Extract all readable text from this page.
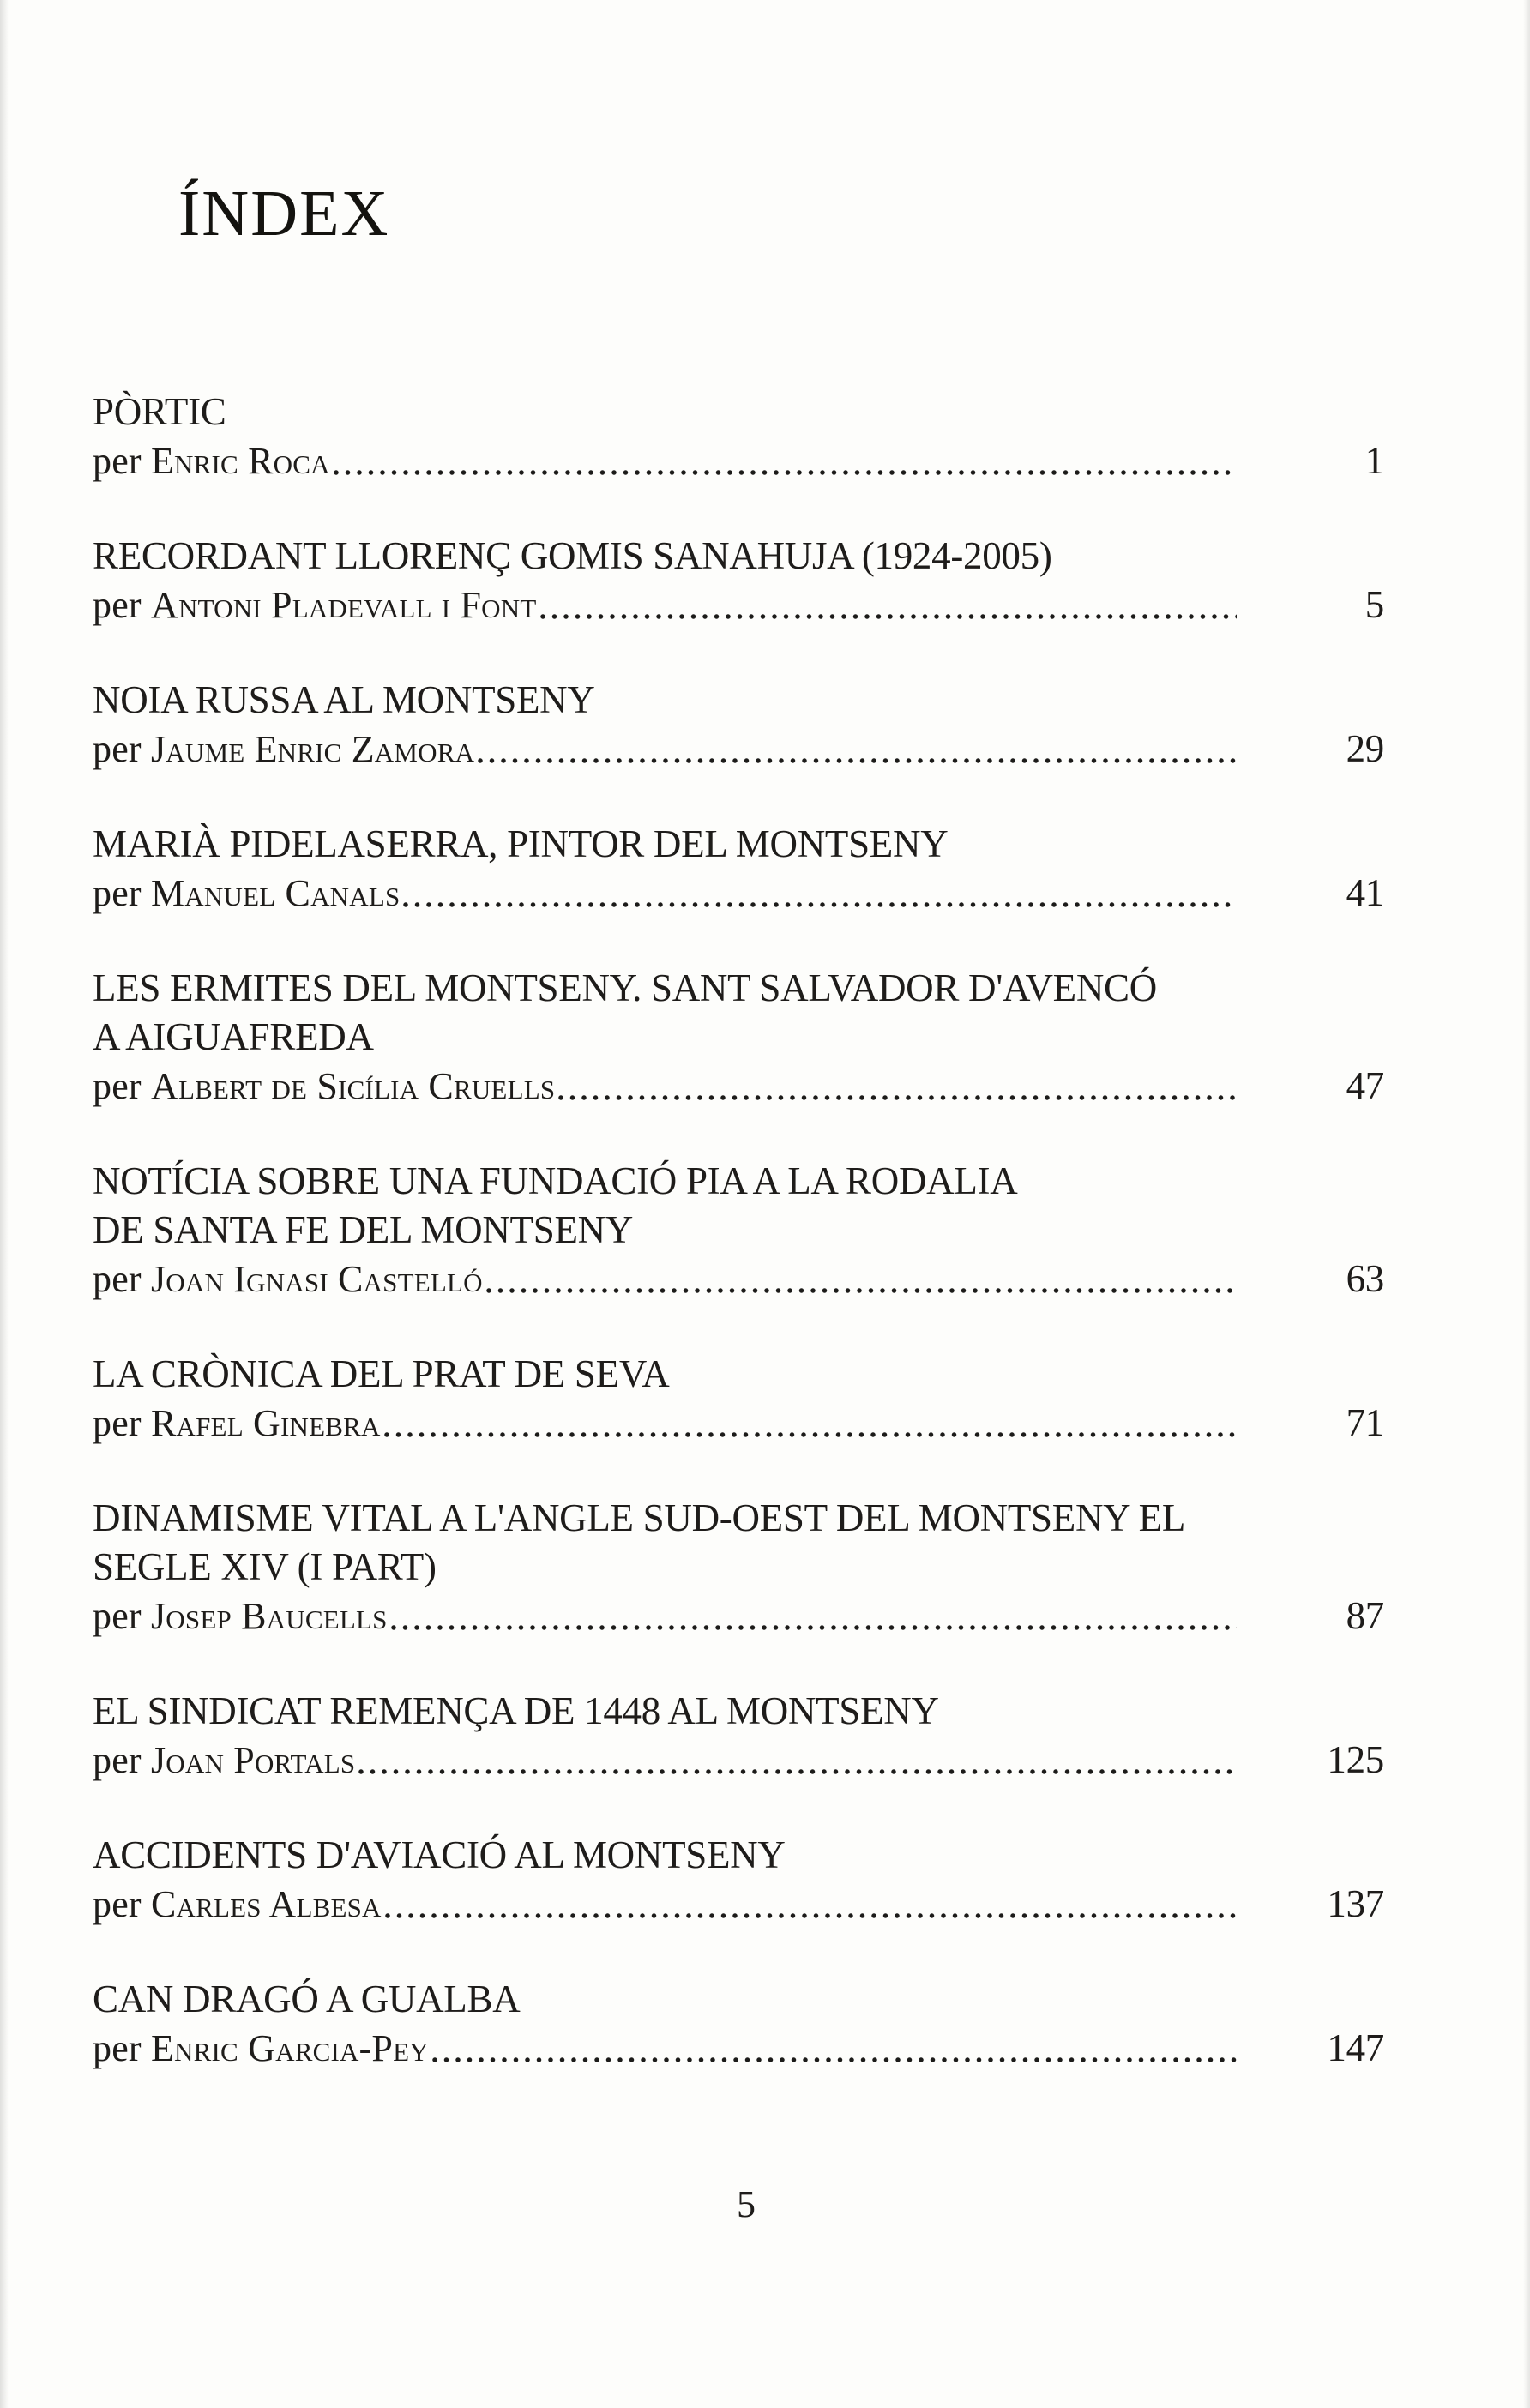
ÍNDEX
PÒRTIC
per Enric Roca	1
RECORDANT LLORENÇ GOMIS SANAHUJA (1924-2005)
per Antoni Pladevall i Font	5
NOIA RUSSA AL MONTSENY
per Jaume Enric Zamora	29
MARIÀ PIDELASERRA, PINTOR DEL MONTSENY
per Manuel Canals	41
LES ERMITES DEL MONTSENY. SANT SALVADOR D'AVENCÓ
A AIGUAFREDA
per Albert de Sicília Cruells	47
NOTÍCIA SOBRE UNA FUNDACIÓ PIA A LA RODALIA
DE SANTA FE DEL MONTSENY
per Joan Ignasi Castelló	63
LA CRÒNICA DEL PRAT DE SEVA
per Rafel Ginebra	71
DINAMISME VITAL A L'ANGLE SUD-OEST DEL MONTSENY EL
SEGLE XIV (I PART)
per Josep Baucells	87
EL SINDICAT REMENÇA DE 1448 AL MONTSENY
per Joan Portals	125
ACCIDENTS D'AVIACIÓ AL MONTSENY
per Carles Albesa	137
CAN DRAGÓ A GUALBA
per Enric Garcia-Pey	147
5
